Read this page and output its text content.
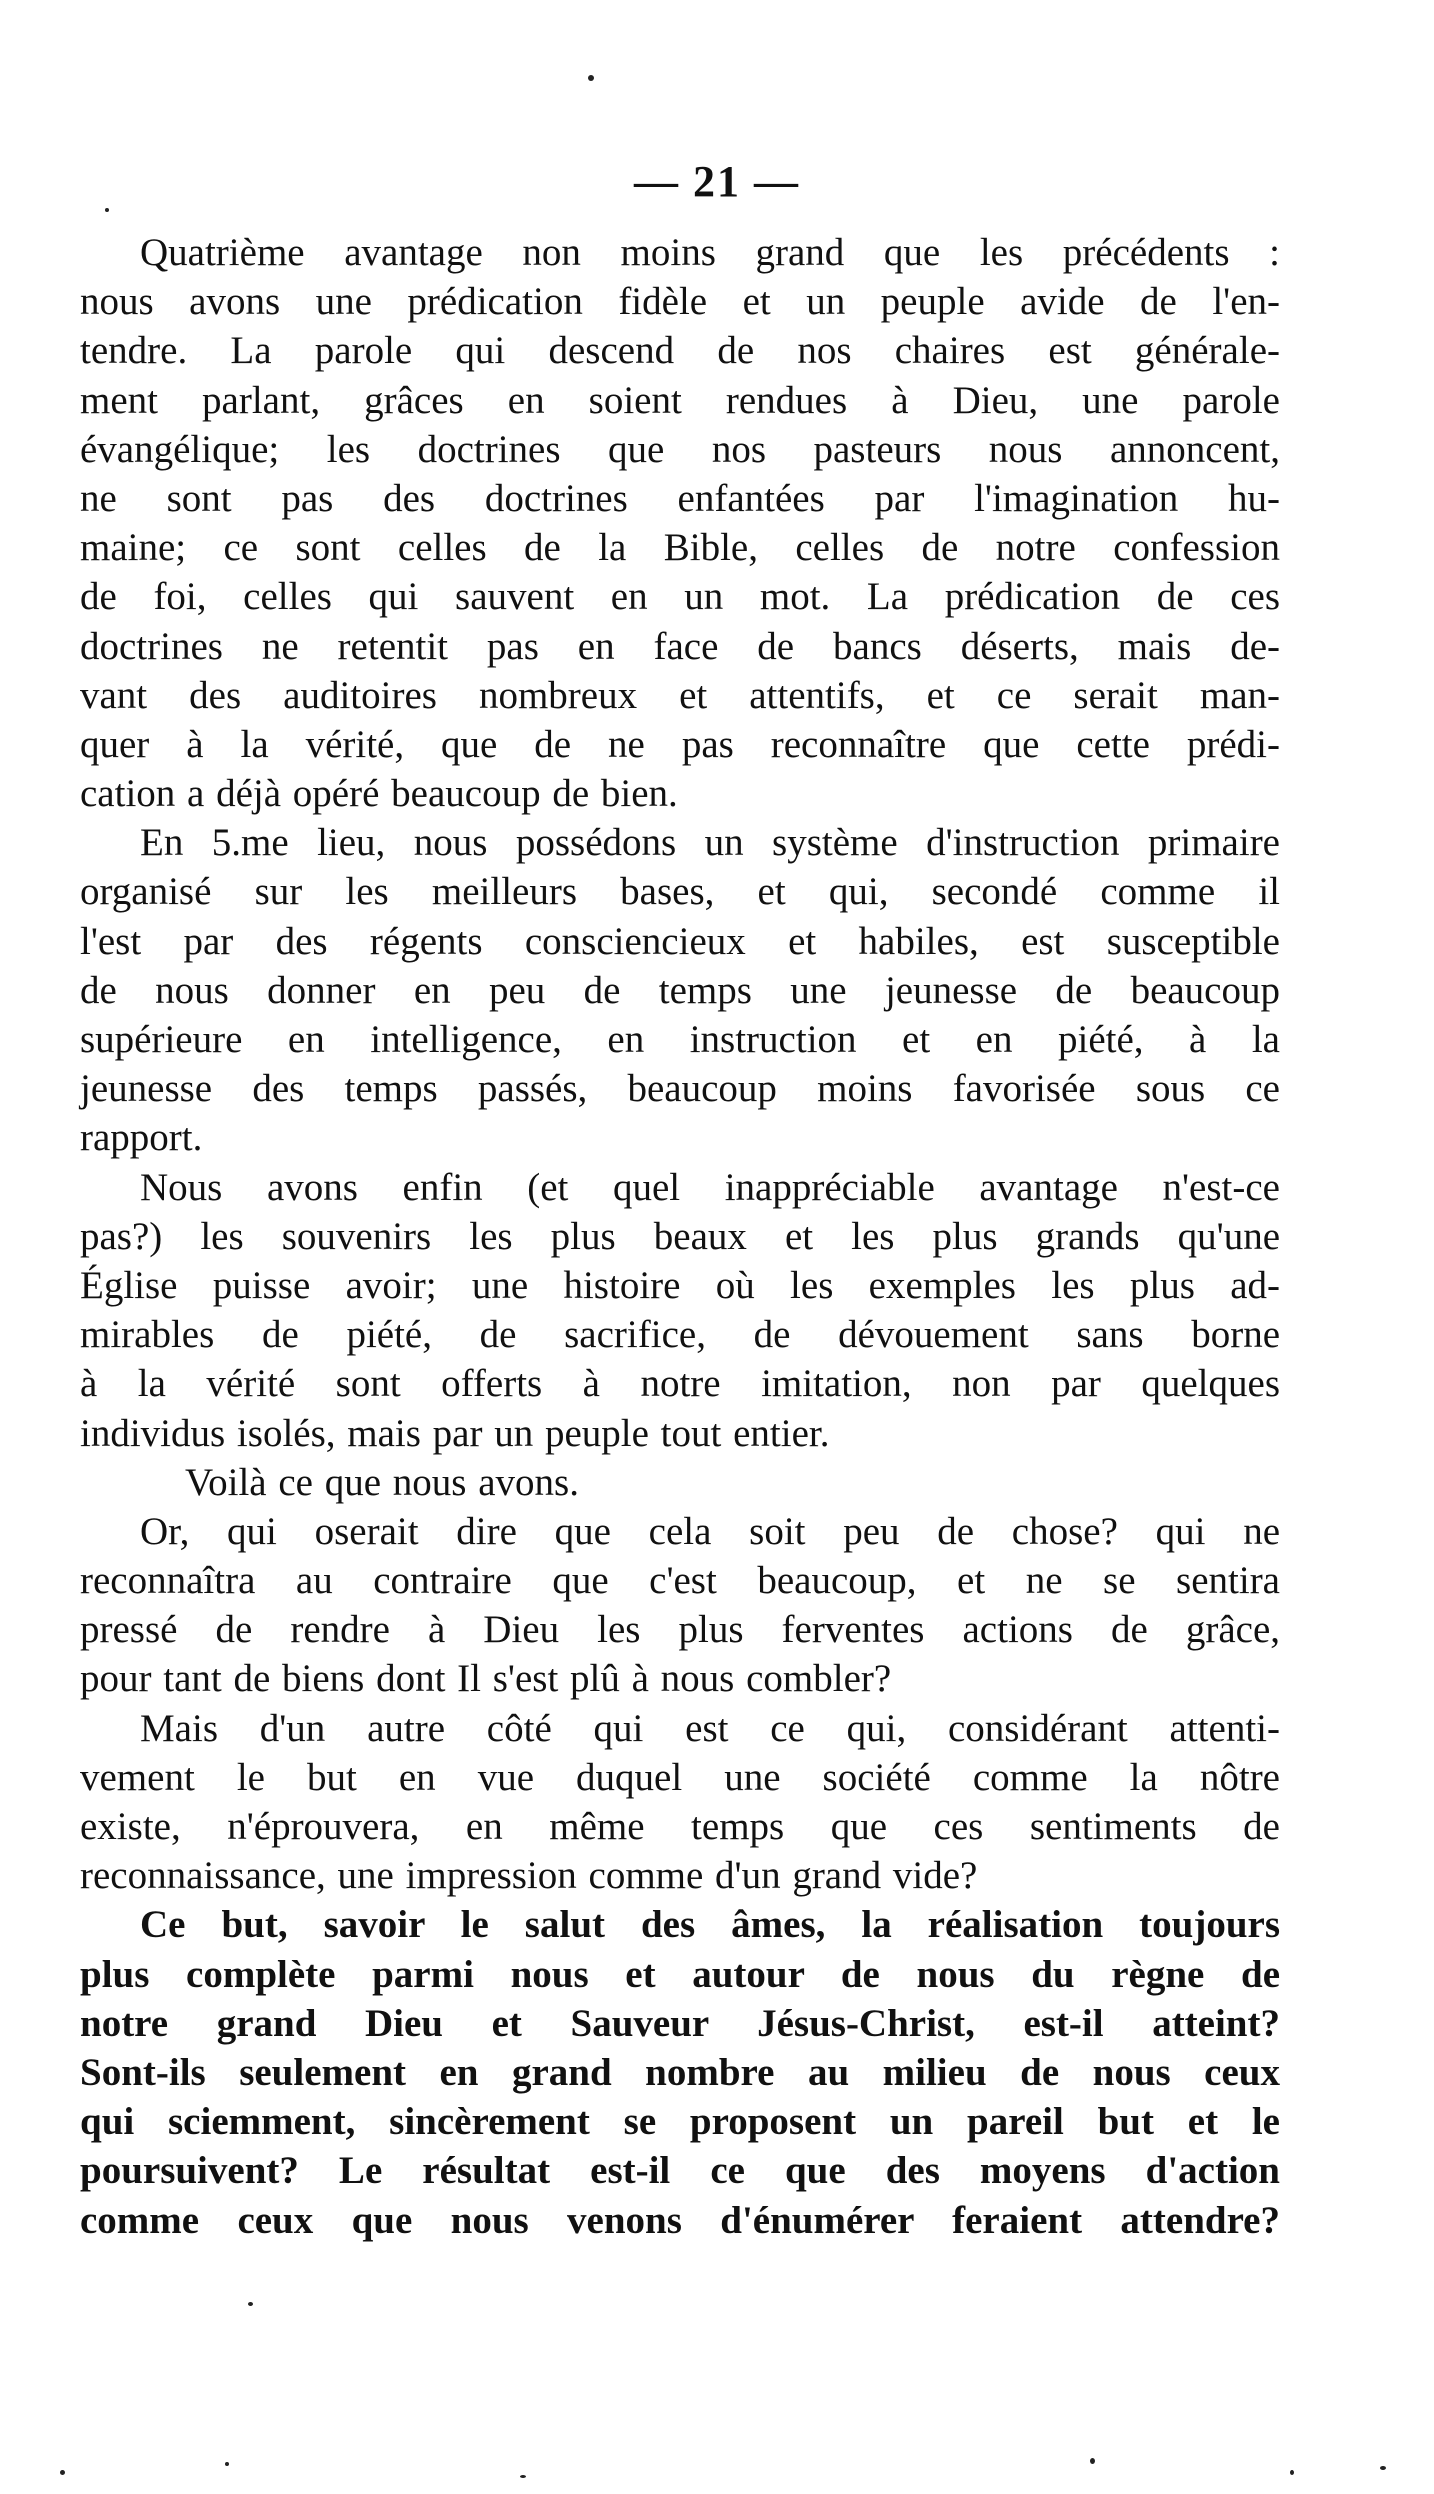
— 21 —
Quatrième avantage non moins grand que les précédents :
nous avons une prédication fidèle et un peuple avide de l'en-
tendre. La parole qui descend de nos chaires est générale-
ment parlant, grâces en soient rendues à Dieu, une parole
évangélique; les doctrines que nos pasteurs nous annoncent,
ne sont pas des doctrines enfantées par l'imagination hu-
maine; ce sont celles de la Bible, celles de notre confession
de foi, celles qui sauvent en un mot. La prédication de ces
doctrines ne retentit pas en face de bancs déserts, mais de-
vant des auditoires nombreux et attentifs, et ce serait man-
quer à la vérité, que de ne pas reconnaître que cette prédi-
cation a déjà opéré beaucoup de bien.
En 5.me lieu, nous possédons un système d'instruction primaire
organisé sur les meilleurs bases, et qui, secondé comme il
l'est par des régents consciencieux et habiles, est susceptible
de nous donner en peu de temps une jeunesse de beaucoup
supérieure en intelligence, en instruction et en piété, à la
jeunesse des temps passés, beaucoup moins favorisée sous ce
rapport.
Nous avons enfin (et quel inappréciable avantage n'est-ce
pas?) les souvenirs les plus beaux et les plus grands qu'une
Église puisse avoir; une histoire où les exemples les plus ad-
mirables de piété, de sacrifice, de dévouement sans borne
à la vérité sont offerts à notre imitation, non par quelques
individus isolés, mais par un peuple tout entier.
Voilà ce que nous avons.
Or, qui oserait dire que cela soit peu de chose? qui ne
reconnaîtra au contraire que c'est beaucoup, et ne se sentira
pressé de rendre à Dieu les plus ferventes actions de grâce,
pour tant de biens dont Il s'est plû à nous combler?
Mais d'un autre côté qui est ce qui, considérant attenti-
vement le but en vue duquel une société comme la nôtre
existe, n'éprouvera, en même temps que ces sentiments de
reconnaissance, une impression comme d'un grand vide?
Ce but, savoir le salut des âmes, la réalisation toujours
plus complète parmi nous et autour de nous du règne de
notre grand Dieu et Sauveur Jésus-Christ, est-il atteint?
Sont-ils seulement en grand nombre au milieu de nous ceux
qui sciemment, sincèrement se proposent un pareil but et le
poursuivent? Le résultat est-il ce que des moyens d'action
comme ceux que nous venons d'énumérer feraient attendre?
